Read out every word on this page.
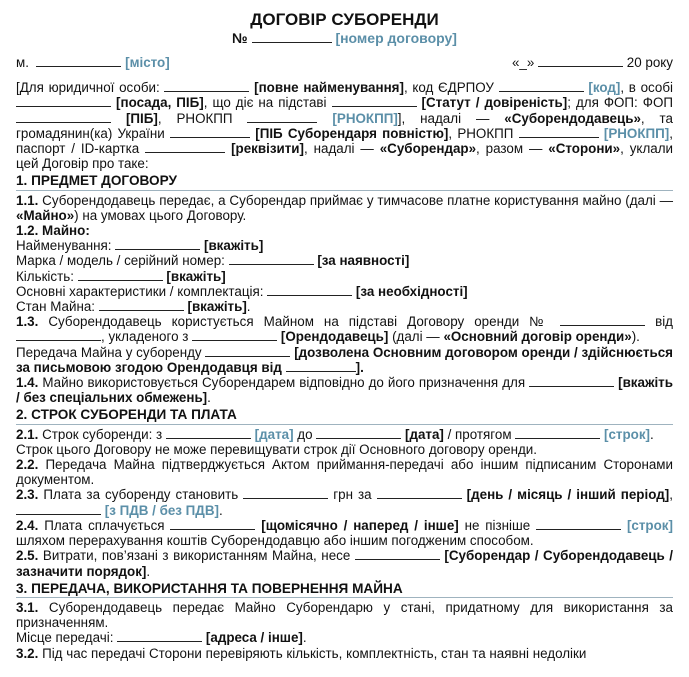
ДОГОВІР СУБОРЕНДИ
№	[номер договору]
м.	[місто]	«_»	20 року

[Для юридичної особи:	[повне найменування], код ЄДРПОУ	[код], в особі  [посада, ПІБ], що діє на підставі	[Статут / довіреність]; для ФОП: ФОП  [ПІБ], РНОКПП	[РНОКПП]], надалі — «Суборендодавець», та громадянин(ка) України	[ПІБ Суборендаря повністю], РНОКПП	[РНОКПП], паспорт / ID-картка	[реквізити], надалі — «Суборендар», разом — «Сторони», уклали цей Договір про таке:

1. ПРЕДМЕТ ДОГОВОРУ

1.1. Суборендодавець передає, а Суборендар приймає у тимчасове платне користування майно (далі — «Майно») на умовах цього Договору.

1.2. Майно:

Найменування:	[вкажіть]

Марка / модель / серійний номер:	[за наявності]

Кількість:	[вкажіть]

Основні характеристики / комплектація:	[за необхідності]

Стан Майна:	[вкажіть].

1.3. Суборендодавець користується Майном на підставі Договору оренди №	від , укладеного з	[Орендодавець] (далі — «Основний договір оренди»).

Передача Майна у суборенду	[дозволена Основним договором оренди / здійснюється за письмовою згодою Орендодавця від	].

1.4. Майно використовується Суборендарем відповідно до його призначення для	[вкажіть / без спеціальних обмежень].

2. СТРОК СУБОРЕНДИ ТА ПЛАТА

2.1. Строк суборенди: з	[дата] до	[дата] / протягом	[строк].

Строк цього Договору не може перевищувати строк дії Основного договору оренди.

2.2. Передача Майна підтверджується Актом приймання-передачі або іншим підписаним Сторонами документом.

2.3. Плата за суборенду становить	грн за	[день / місяць / інший період],  [з ПДВ / без ПДВ].

2.4. Плата сплачується	[щомісячно / наперед / інше] не пізніше	[строк] шляхом перерахування коштів Суборендодавцю або іншим погодженим способом.

2.5. Витрати, пов’язані з використанням Майна, несе	[Суборендар / Суборендодавець / зазначити порядок].

3. ПЕРЕДАЧА, ВИКОРИСТАННЯ ТА ПОВЕРНЕННЯ МАЙНА

3.1. Суборендодавець передає Майно Суборендарю у стані, придатному для використання за призначенням.

Місце передачі:	[адреса / інше].

3.2. Під час передачі Сторони перевіряють кількість, комплектність, стан та наявні недоліки
